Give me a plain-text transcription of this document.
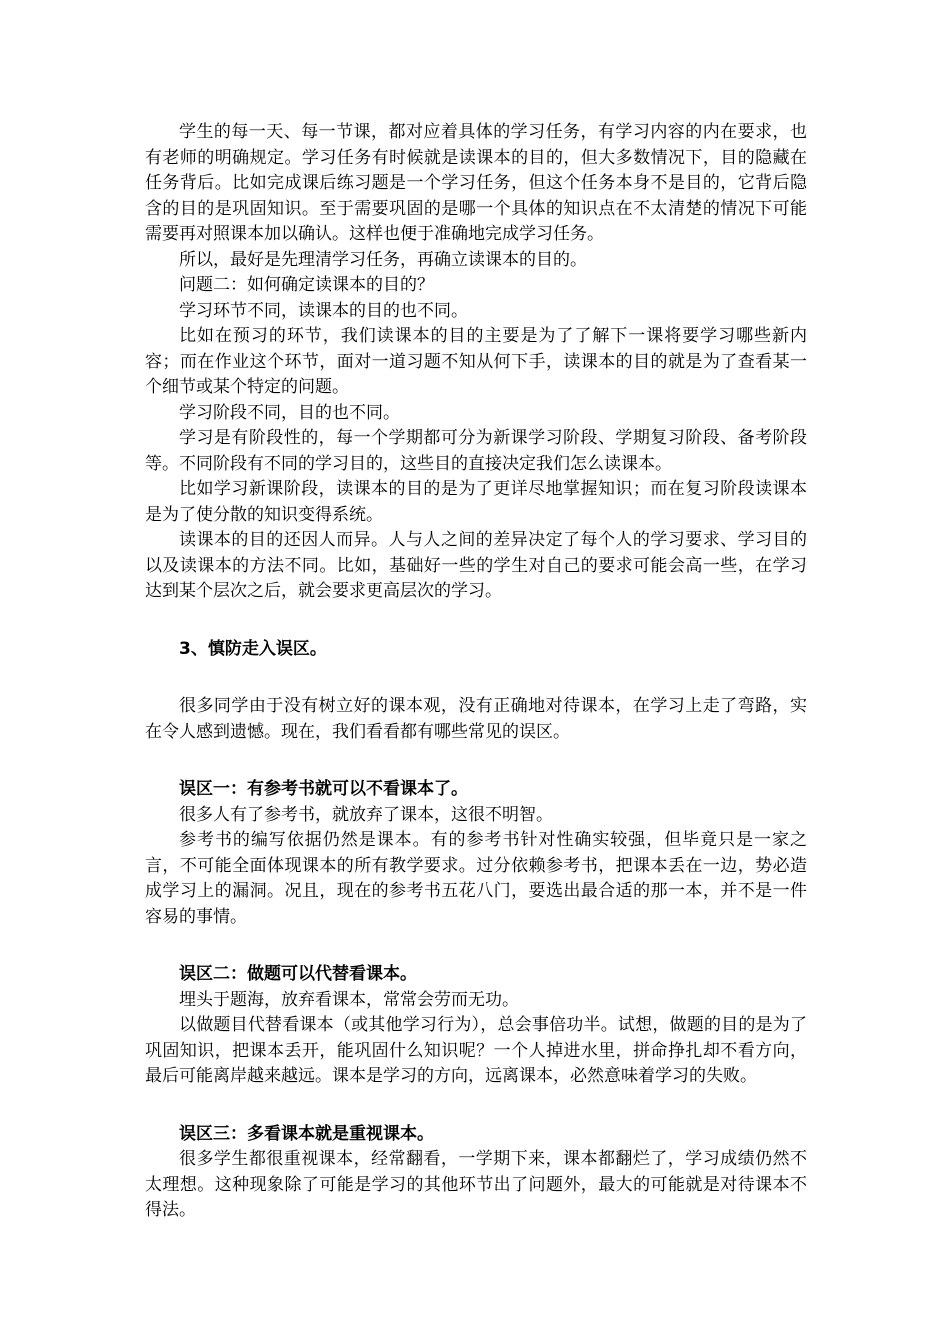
学生的每一天、每一节课，都对应着具体的学习任务，有学习内容的内在要求，也有老师的明确规定。学习任务有时候就是读课本的目的，但大多数情况下，目的隐藏在任务背后。比如完成课后练习题是一个学习任务，但这个任务本身不是目的，它背后隐含的目的是巩固知识。至于需要巩固的是哪一个具体的知识点在不太清楚的情况下可能需要再对照课本加以确认。这样也便于准确地完成学习任务。

所以，最好是先理清学习任务，再确立读课本的目的。

问题二：如何确定读课本的目的？

学习环节不同，读课本的目的也不同。

比如在预习的环节，我们读课本的目的主要是为了了解下一课将要学习哪些新内容；而在作业这个环节，面对一道习题不知从何下手，读课本的目的就是为了查看某一个细节或某个特定的问题。

学习阶段不同，目的也不同。

学习是有阶段性的，每一个学期都可分为新课学习阶段、学期复习阶段、备考阶段等。不同阶段有不同的学习目的，这些目的直接决定我们怎么读课本。

比如学习新课阶段，读课本的目的是为了更详尽地掌握知识；而在复习阶段读课本是为了使分散的知识变得系统。

读课本的目的还因人而异。人与人之间的差异决定了每个人的学习要求、学习目的以及读课本的方法不同。比如，基础好一些的学生对自己的要求可能会高一些，在学习达到某个层次之后，就会要求更高层次的学习。

3、慎防走入误区。

很多同学由于没有树立好的课本观，没有正确地对待课本，在学习上走了弯路，实在令人感到遗憾。现在，我们看看都有哪些常见的误区。

误区一：有参考书就可以不看课本了。

很多人有了参考书，就放弃了课本，这很不明智。

参考书的编写依据仍然是课本。有的参考书针对性确实较强，但毕竟只是一家之言，不可能全面体现课本的所有教学要求。过分依赖参考书，把课本丢在一边，势必造成学习上的漏洞。况且，现在的参考书五花八门，要选出最合适的那一本，并不是一件容易的事情。

误区二：做题可以代替看课本。

埋头于题海，放弃看课本，常常会劳而无功。

以做题目代替看课本（或其他学习行为），总会事倍功半。试想，做题的目的是为了巩固知识，把课本丢开，能巩固什么知识呢？一个人掉进水里，拼命挣扎却不看方向，最后可能离岸越来越远。课本是学习的方向，远离课本，必然意味着学习的失败。

误区三：多看课本就是重视课本。

很多学生都很重视课本，经常翻看，一学期下来，课本都翻烂了，学习成绩仍然不太理想。这种现象除了可能是学习的其他环节出了问题外，最大的可能就是对待课本不得法。
